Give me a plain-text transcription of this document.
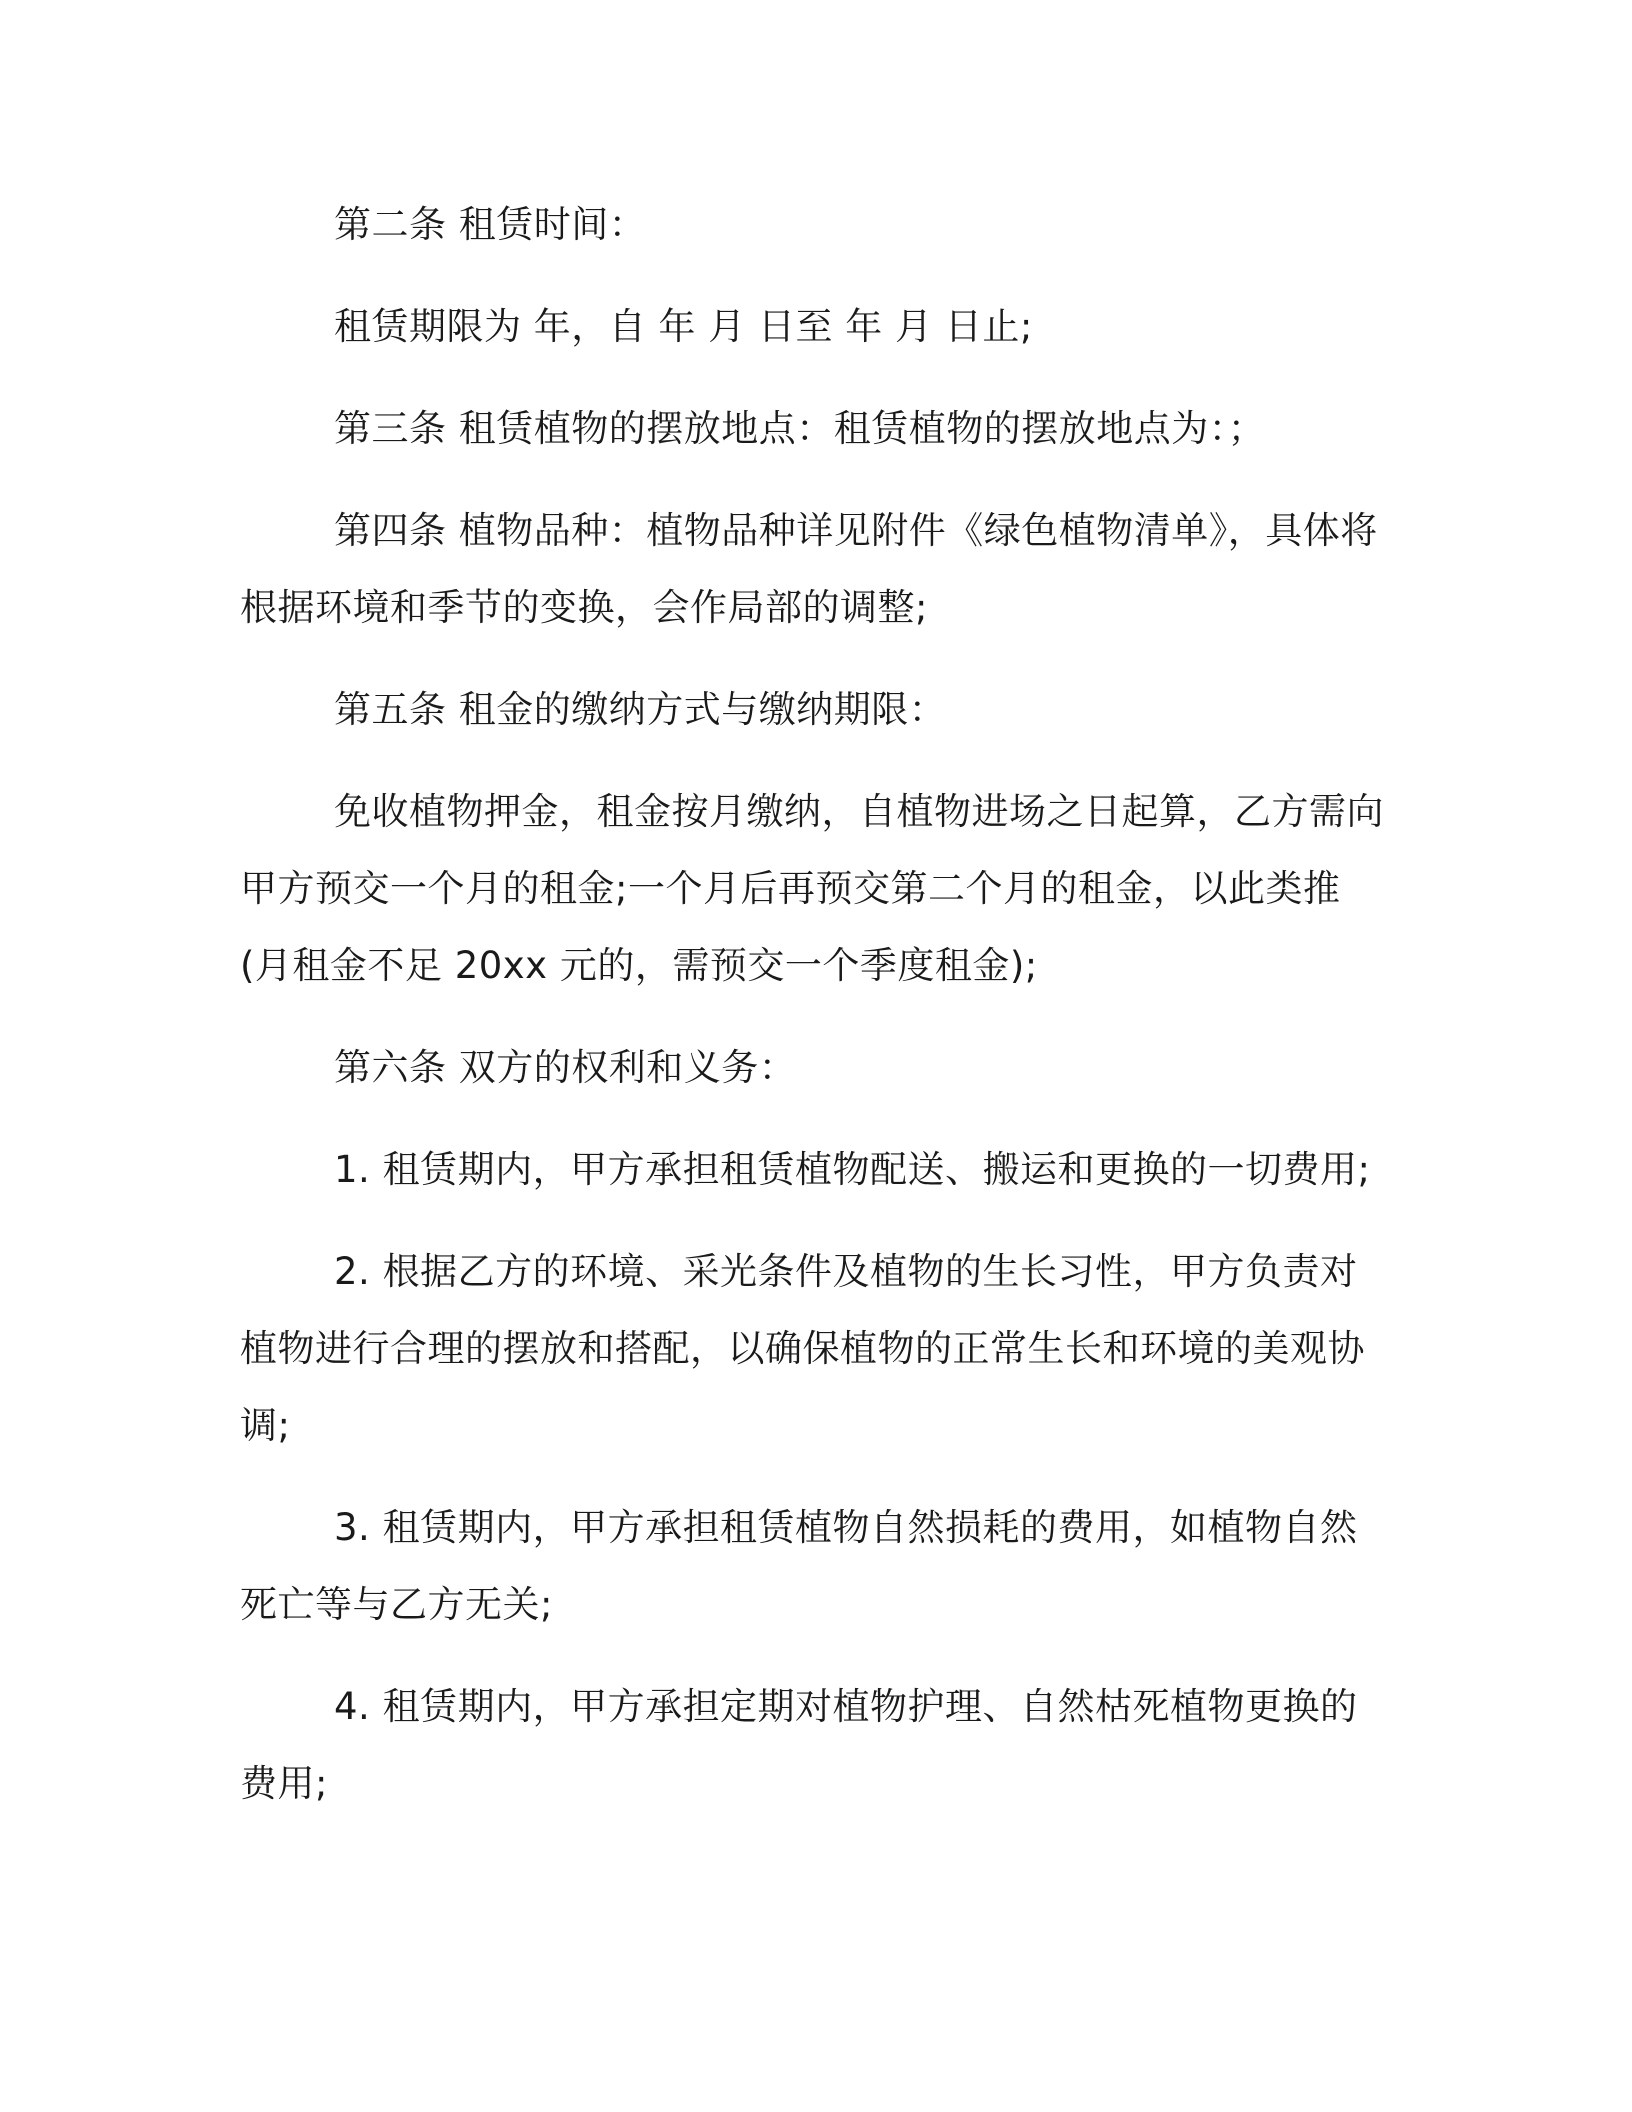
第二条 租赁时间：

租赁期限为 年，自 年 月 日至 年 月 日止;

第三条 租赁植物的摆放地点：租赁植物的摆放地点为：；

第四条 植物品种：植物品种详见附件《绿色植物清单》，具体将根据环境和季节的变换，会作局部的调整;

第五条 租金的缴纳方式与缴纳期限：

免收植物押金，租金按月缴纳，自植物进场之日起算，乙方需向甲方预交一个月的租金;一个月后再预交第二个月的租金，以此类推(月租金不足 20xx 元的，需预交一个季度租金);

第六条 双方的权利和义务：

1. 租赁期内，甲方承担租赁植物配送、搬运和更换的一切费用;

2. 根据乙方的环境、采光条件及植物的生长习性，甲方负责对植物进行合理的摆放和搭配，以确保植物的正常生长和环境的美观协调;

3. 租赁期内，甲方承担租赁植物自然损耗的费用，如植物自然死亡等与乙方无关;

4. 租赁期内，甲方承担定期对植物护理、自然枯死植物更换的费用;
